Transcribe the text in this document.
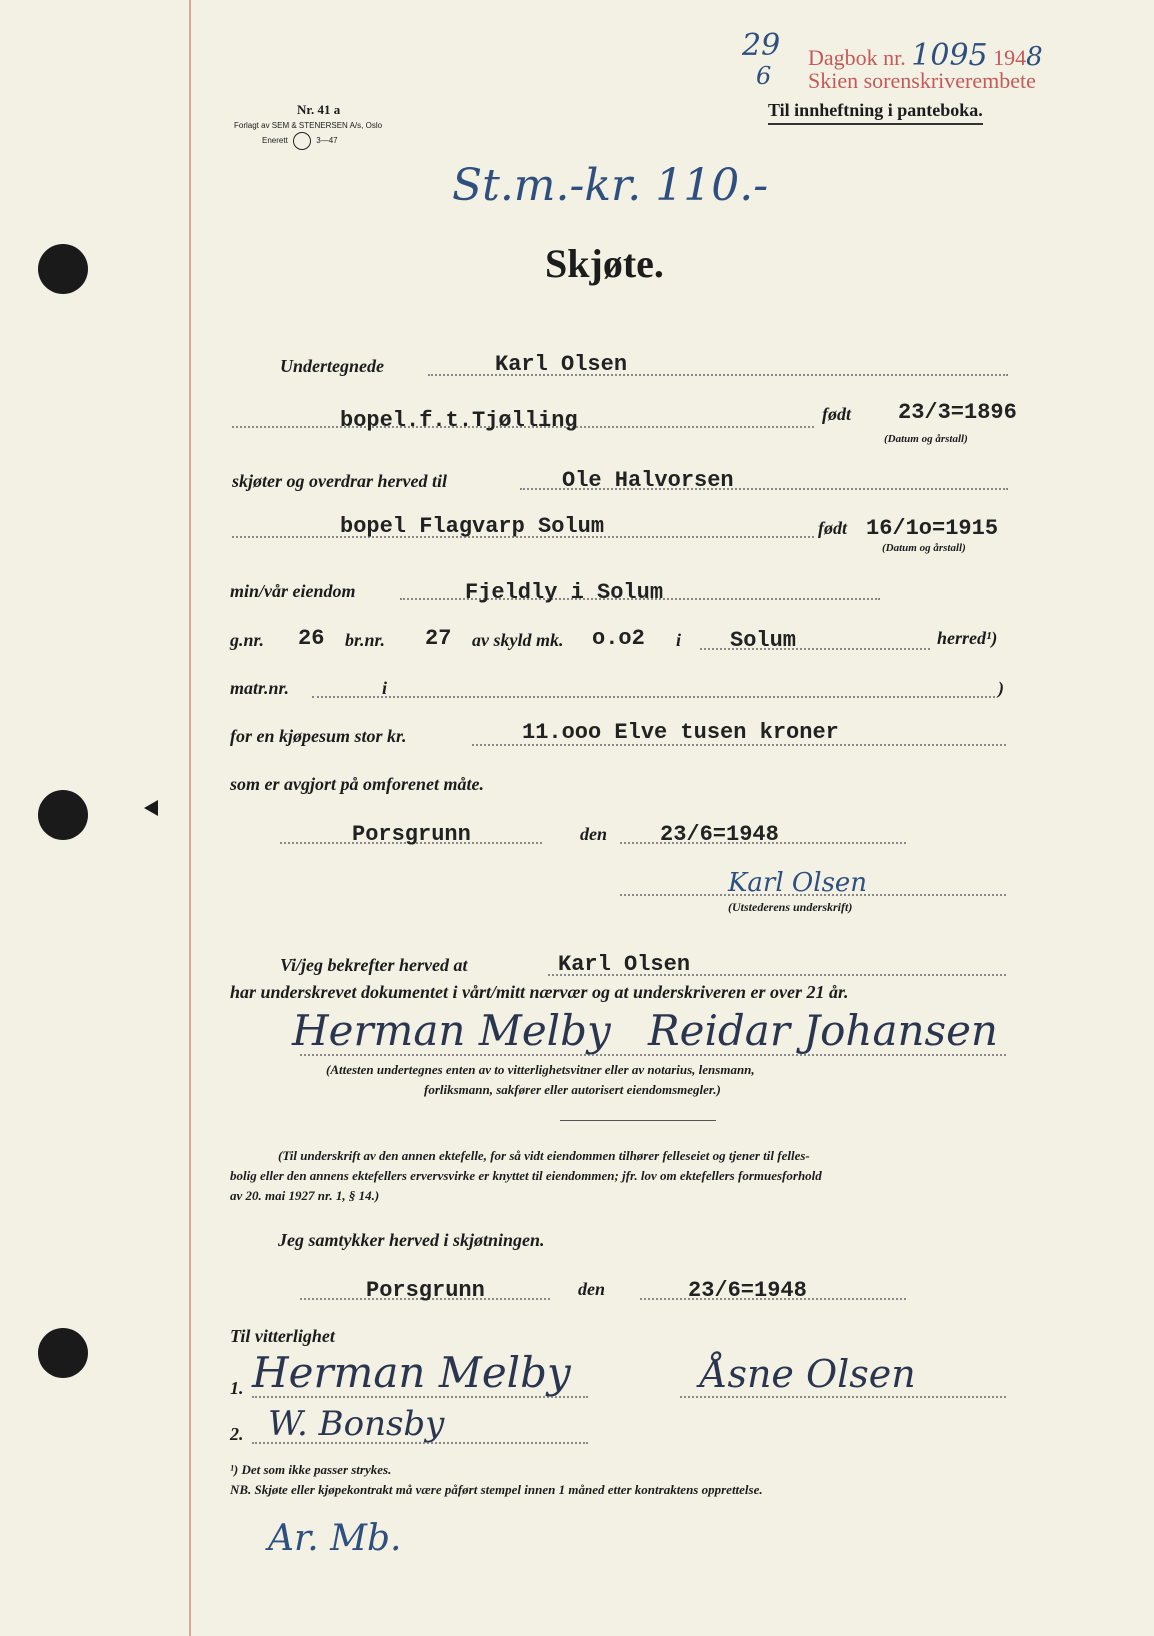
29
6
Dagbok nr. 1095 1948
Skien sorenskriverembete
Til innheftning i panteboka.
Nr. 41 a
Forlagt av SEM & STENERSEN A/s, Oslo
Enerett	3—47
St.m.-kr. 110.-
Skjøte.
Undertegnede	Karl Olsen
bopel.f.t.Tjølling	født 23/3=1896
(Datum og årstall)
skjøter og overdrar herved til	Ole Halvorsen
bopel Flagvarp Solum	født 16/1o=1915
(Datum og årstall)
min/vår eiendom	Fjeldly i Solum
g.nr. 26 br.nr. 27 av skyld mk. o.o2 i Solum	herred¹)
matr.nr.	i	)
for en kjøpesum stor kr.	11.ooo Elve tusen kroner
som er avgjort på omforenet måte.
Porsgrunn	den 23/6=1948
Karl Olsen
(Utstederens underskrift)
Vi/jeg bekrefter herved at	Karl Olsen
har underskrevet dokumentet i vårt/mitt nærvær og at underskriveren er over 21 år.
Herman Melby Reidar Johansen
(Attesten undertegnes enten av to vitterlighetsvitner eller av notarius, lensmann,
forliksmann, sakfører eller autorisert eiendomsmegler.)
(Til underskrift av den annen ektefelle, for så vidt eiendommen tilhører felleseiet og tjener til felles-
bolig eller den annens ektefellers ervervsvirke er knyttet til eiendommen; jfr. lov om ektefellers formuesforhold
av 20. mai 1927 nr. 1, § 14.)
Jeg samtykker herved i skjøtningen.
Porsgrunn	den	23/6=1948
Til vitterlighet
1. Herman Melby	Åsne Olsen
2. W. Bonsby
¹) Det som ikke passer strykes.
NB. Skjøte eller kjøpekontrakt må være påført stempel innen 1 måned etter kontraktens opprettelse.
Ar. Mb.
